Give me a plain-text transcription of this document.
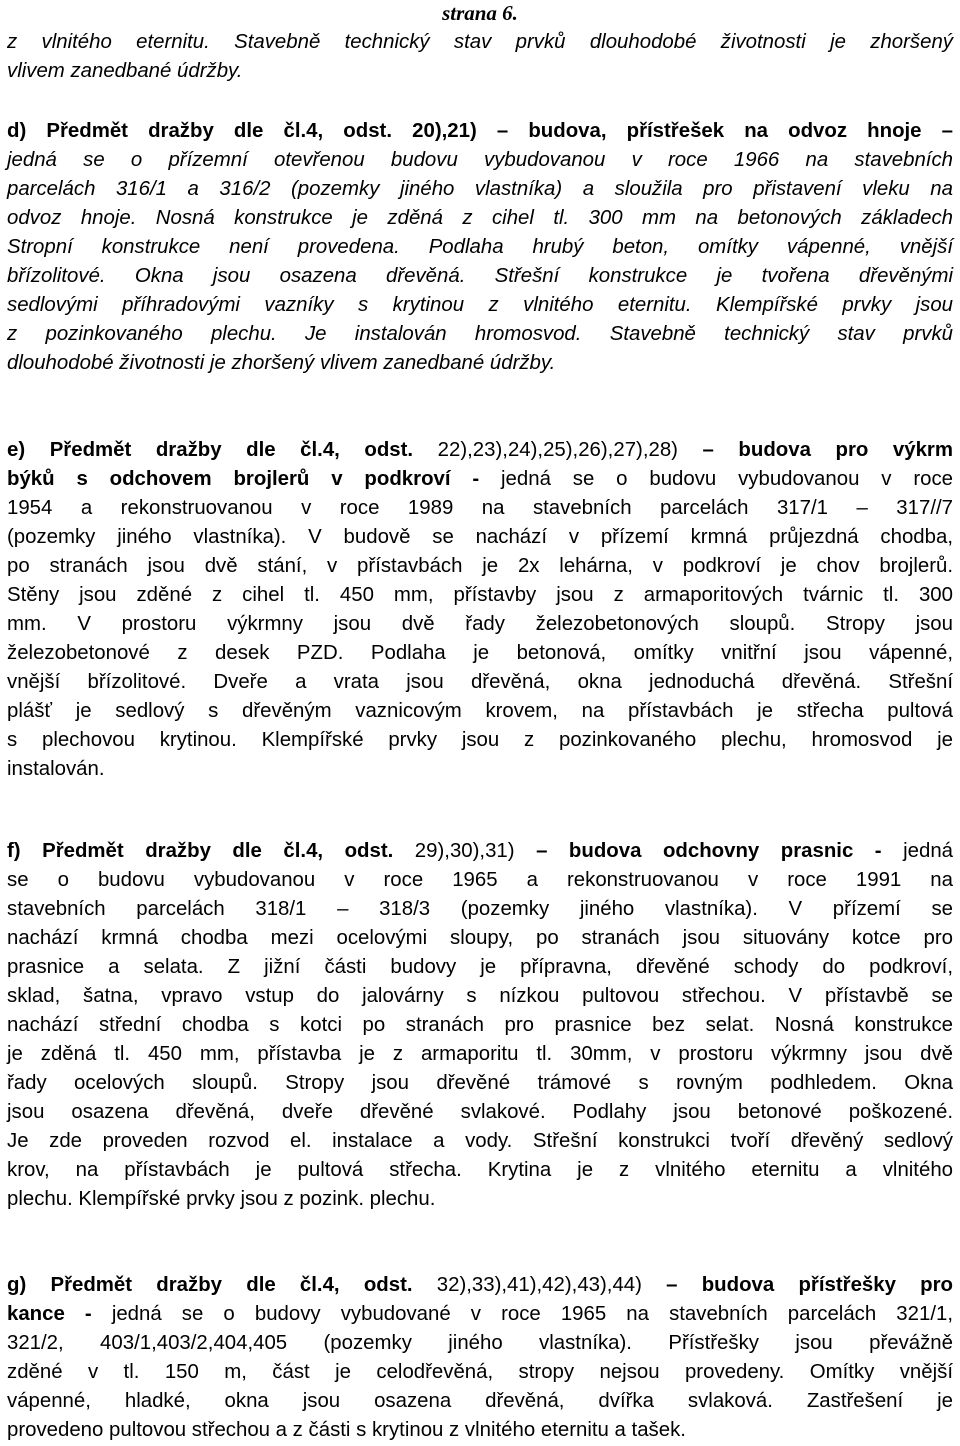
strana 6.
z vlnitého eternitu. Stavebně technický stav prvků dlouhodobé životnosti je zhoršený
vlivem zanedbané údržby.
d) Předmět dražby dle čl.4, odst. 20),21) – budova, přístřešek na odvoz hnoje –
jedná se o přízemní otevřenou budovu vybudovanou v roce 1966 na stavebních
parcelách 316/1 a 316/2 (pozemky jiného vlastníka) a sloužila pro přistavení vleku na
odvoz hnoje. Nosná konstrukce je zděná z cihel tl. 300 mm na betonových základech
Stropní konstrukce není provedena. Podlaha hrubý beton, omítky vápenné, vnější
břízolitové. Okna jsou osazena dřevěná. Střešní konstrukce je tvořena dřevěnými
sedlovými příhradovými vazníky s krytinou z vlnitého eternitu. Klempířské prvky jsou
z pozinkovaného plechu. Je instalován hromosvod. Stavebně technický stav prvků
dlouhodobé životnosti je zhoršený vlivem zanedbané údržby.
e) Předmět dražby dle čl.4, odst. 22),23),24),25),26),27),28) – budova pro výkrm
býků s odchovem brojlerů v podkroví - jedná se o budovu vybudovanou v roce
1954 a rekonstruovanou v roce 1989 na stavebních parcelách 317/1 – 317//7
(pozemky jiného vlastníka). V budově se nachází v přízemí krmná průjezdná chodba,
po stranách jsou dvě stání, v přístavbách je 2x lehárna, v podkroví je chov brojlerů.
Stěny jsou zděné z cihel tl. 450 mm, přístavby jsou z armaporitových tvárnic tl. 300
mm. V prostoru výkrmny jsou dvě řady železobetonových sloupů. Stropy jsou
železobetonové z desek PZD. Podlaha je betonová, omítky vnitřní jsou vápenné,
vnější břízolitové. Dveře a vrata jsou dřevěná, okna jednoduchá dřevěná. Střešní
plášť je sedlový s dřevěným vaznicovým krovem, na přístavbách je střecha pultová
s plechovou krytinou. Klempířské prvky jsou z pozinkovaného plechu, hromosvod je
instalován.
f) Předmět dražby dle čl.4, odst. 29),30),31) – budova odchovny prasnic - jedná
se o budovu vybudovanou v roce 1965 a rekonstruovanou v roce 1991 na
stavebních parcelách 318/1 – 318/3 (pozemky jiného vlastníka). V přízemí se
nachází krmná chodba mezi ocelovými sloupy, po stranách jsou situovány kotce pro
prasnice a selata. Z jižní části budovy je přípravna, dřevěné schody do podkroví,
sklad, šatna, vpravo vstup do jalovárny s nízkou pultovou střechou. V přístavbě se
nachází střední chodba s kotci po stranách pro prasnice bez selat. Nosná konstrukce
je zděná tl. 450 mm, přístavba je z armaporitu tl. 30mm, v prostoru výkrmny jsou dvě
řady ocelových sloupů. Stropy jsou dřevěné trámové s rovným podhledem. Okna
jsou osazena dřevěná, dveře dřevěné svlakové. Podlahy jsou betonové poškozené.
Je zde proveden rozvod el. instalace a vody. Střešní konstrukci tvoří dřevěný sedlový
krov, na přístavbách je pultová střecha. Krytina je z vlnitého eternitu a vlnitého
plechu. Klempířské prvky jsou z pozink. plechu.
g) Předmět dražby dle čl.4, odst. 32),33),41),42),43),44) – budova přístřešky pro
kance - jedná se o budovy vybudované v roce 1965 na stavebních parcelách 321/1,
321/2, 403/1,403/2,404,405 (pozemky jiného vlastníka). Přístřešky jsou převážně
zděné v tl. 150 m, část je celodřevěná, stropy nejsou provedeny. Omítky vnější
vápenné, hladké, okna jsou osazena dřevěná, dvířka svlaková. Zastřešení je
provedeno pultovou střechou a z části s krytinou z vlnitého eternitu a tašek.
